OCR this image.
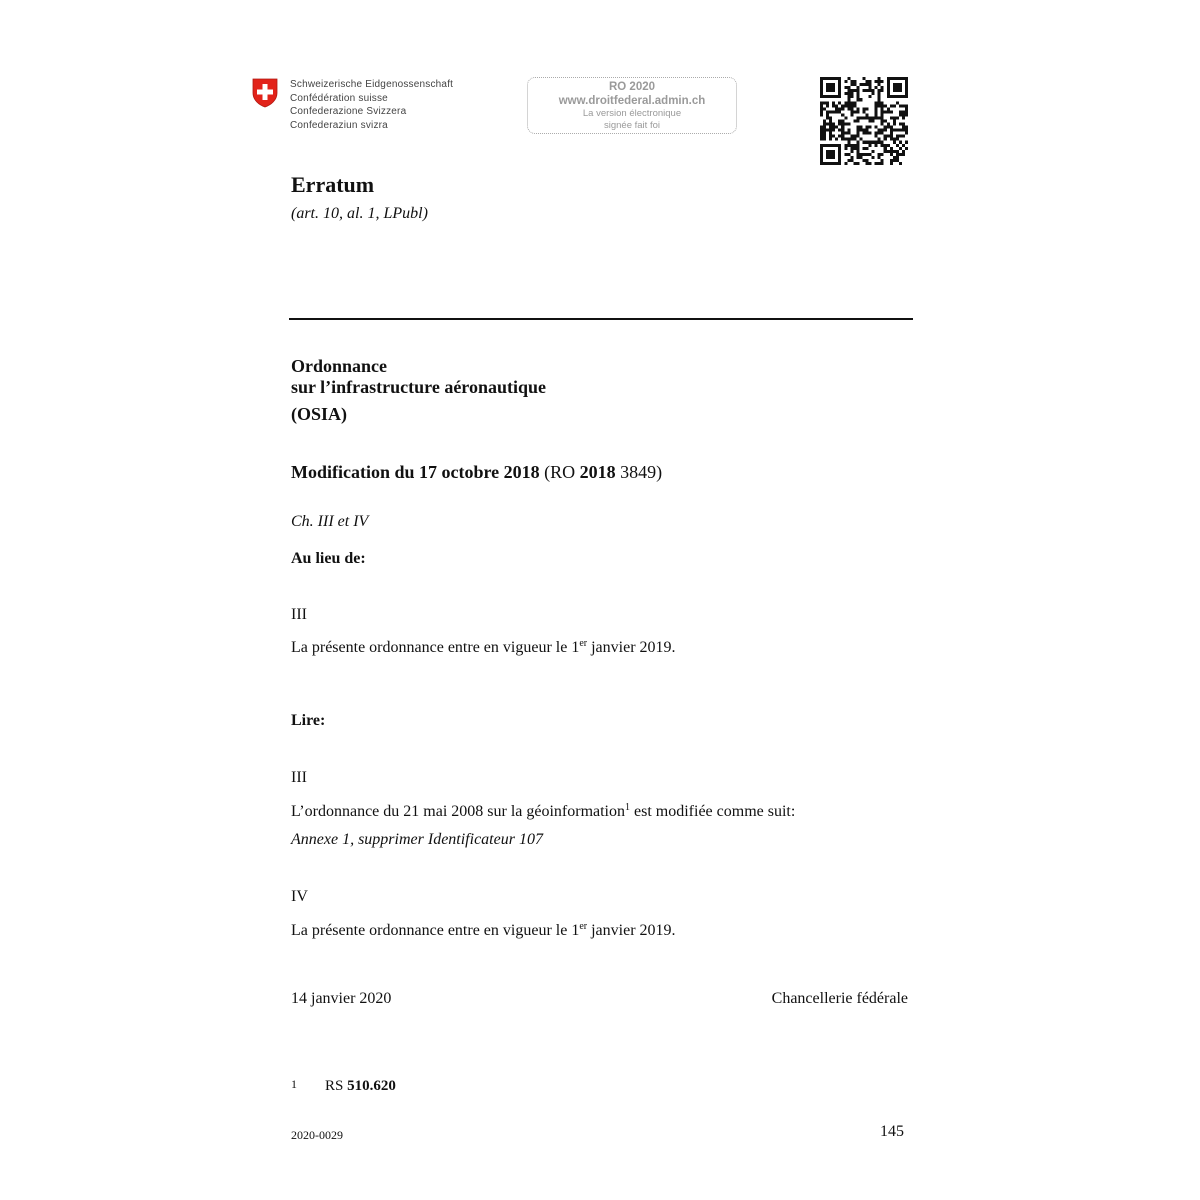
Schweizerische Eidgenossenschaft
Confédération suisse
Confederazione Svizzera
Confederaziun svizra
RO 2020
www.droitfederal.admin.ch
La version électronique
signée fait foi
Erratum
(art. 10, al. 1, LPubl)
Ordonnance
sur l’infrastructure aéronautique
(OSIA)
Modification du 17 octobre 2018 (RO 2018 3849)
Ch. III et IV
Au lieu de:
III
La présente ordonnance entre en vigueur le 1er janvier 2019.
Lire:
III
L’ordonnance du 21 mai 2008 sur la géoinformation$^1$ est modifiée comme suit:
Annexe 1, supprimer Identificateur 107
IV
La présente ordonnance entre en vigueur le 1er janvier 2019.
14 janvier 2020	Chancellerie fédérale
1 RS 510.620
2020-0029	145
